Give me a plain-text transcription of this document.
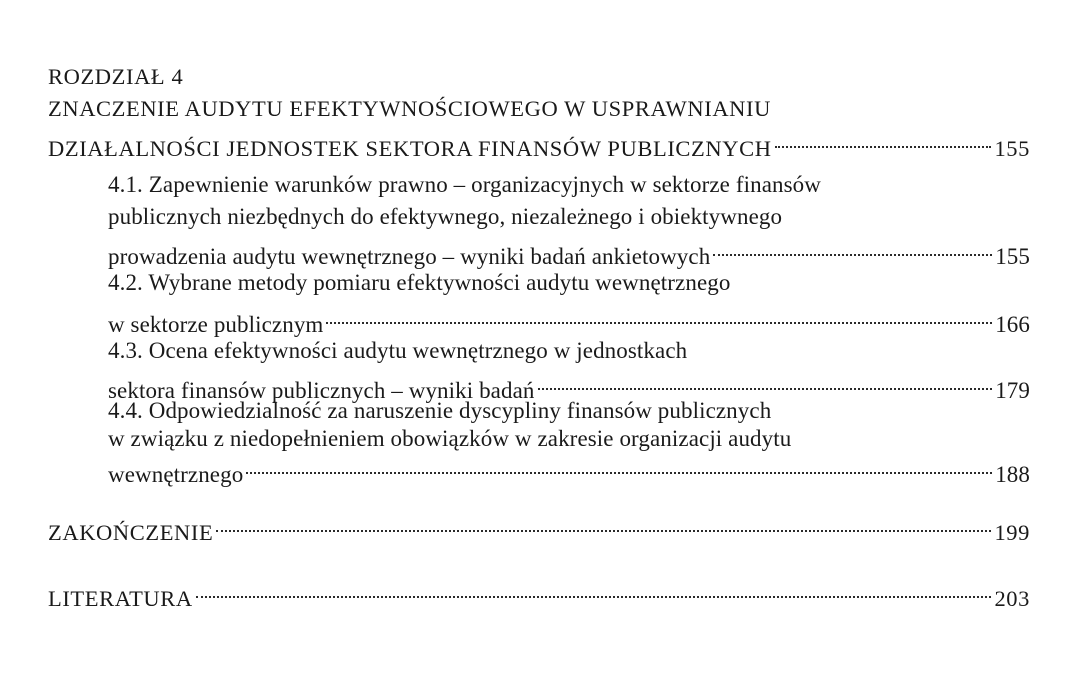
ROZDZIAŁ 4
ZNACZENIE AUDYTU EFEKTYWNOŚCIOWEGO W USPRAWNIANIU
DZIAŁALNOŚCI JEDNOSTEK SEKTORA FINANSÓW PUBLICZNYCH	155
4.1. Zapewnienie warunków prawno – organizacyjnych w sektorze finansów
publicznych niezbędnych do efektywnego, niezależnego i obiektywnego
prowadzenia audytu wewnętrznego – wyniki badań ankietowych	155
4.2. Wybrane metody pomiaru efektywności audytu wewnętrznego
w sektorze publicznym	166
4.3. Ocena efektywności audytu wewnętrznego w jednostkach
sektora finansów publicznych – wyniki badań	179
4.4. Odpowiedzialność za naruszenie dyscypliny finansów publicznych
w związku z niedopełnieniem obowiązków w zakresie organizacji audytu
wewnętrznego	188
ZAKOŃCZENIE	199
LITERATURA	203
